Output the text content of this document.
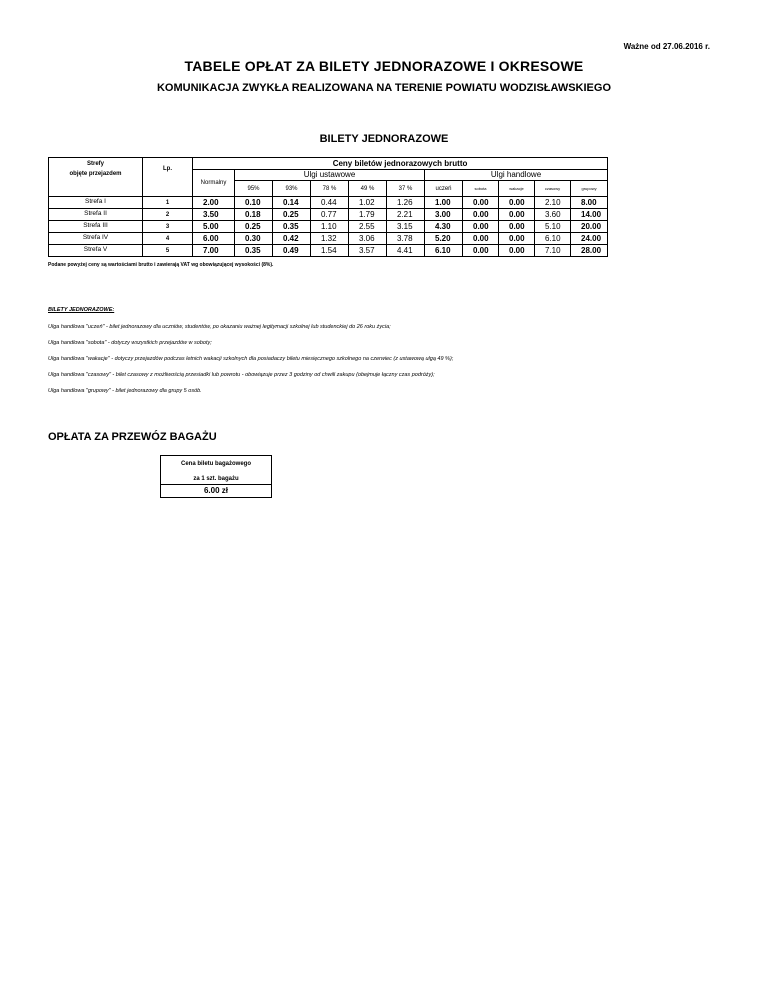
Ważne od 27.06.2016 r.
TABELE OPŁAT ZA BILETY JEDNORAZOWE I OKRESOWE
KOMUNIKACJA ZWYKŁA REALIZOWANA NA TERENIE POWIATU WODZISŁAWSKIEGO
BILETY JEDNORAZOWE
Strefy
objęte przejazdem	Lp.	Ceny biletów jednorazowych brutto										
		Normalny	Ulgi ustawowe					Ulgi handlowe				
			95%	93%	78 %	49 %	37 %	uczeń	sobota	wakacje	czasowy	grupowy
Strefa I	1	2.00	0.10	0.14	0.44	1.02	1.26	1.00	0.00	0.00	2.10	8.00
Strefa II	2	3.50	0.18	0.25	0.77	1.79	2.21	3.00	0.00	0.00	3.60	14.00
Strefa III	3	5.00	0.25	0.35	1.10	2.55	3.15	4.30	0.00	0.00	5.10	20.00
Strefa IV	4	6.00	0.30	0.42	1.32	3.06	3.78	5.20	0.00	0.00	6.10	24.00
Strefa V	5	7.00	0.35	0.49	1.54	3.57	4.41	6.10	0.00	0.00	7.10	28.00
Podane powyżej ceny są wartościami brutto i zawierają VAT wg obowiązującej wysokości (8%).
BILETY JEDNORAZOWE:
Ulga handlowa "uczeń" - bilet jednorazowy dla uczniów, studentów, po okazaniu ważnej legitymacji szkolnej lub studenckiej do 26 roku życia;
Ulga handlowa "sobota" - dotyczy wszystkich przejazdów w soboty;
Ulga handlowa "wakacje" - dotyczy przejazdów podczas letnich wakacji szkolnych dla posiadaczy biletu miesięcznego szkolnego na czerwiec (z ustawową ulgą 49 %);
Ulga handlowa "czasowy" - bilet czasowy z możliwością przesiadki lub powrotu - obowiązuje przez 3 godziny od chwili zakupu (obejmuje łączny czas podróży);
Ulga handlowa "grupowy" - bilet jednorazowy dla grupy 5 osób.
OPŁATA ZA PRZEWÓZ BAGAŻU
Cena biletu bagażowego
za 1 szt. bagażu
6.00 zł
